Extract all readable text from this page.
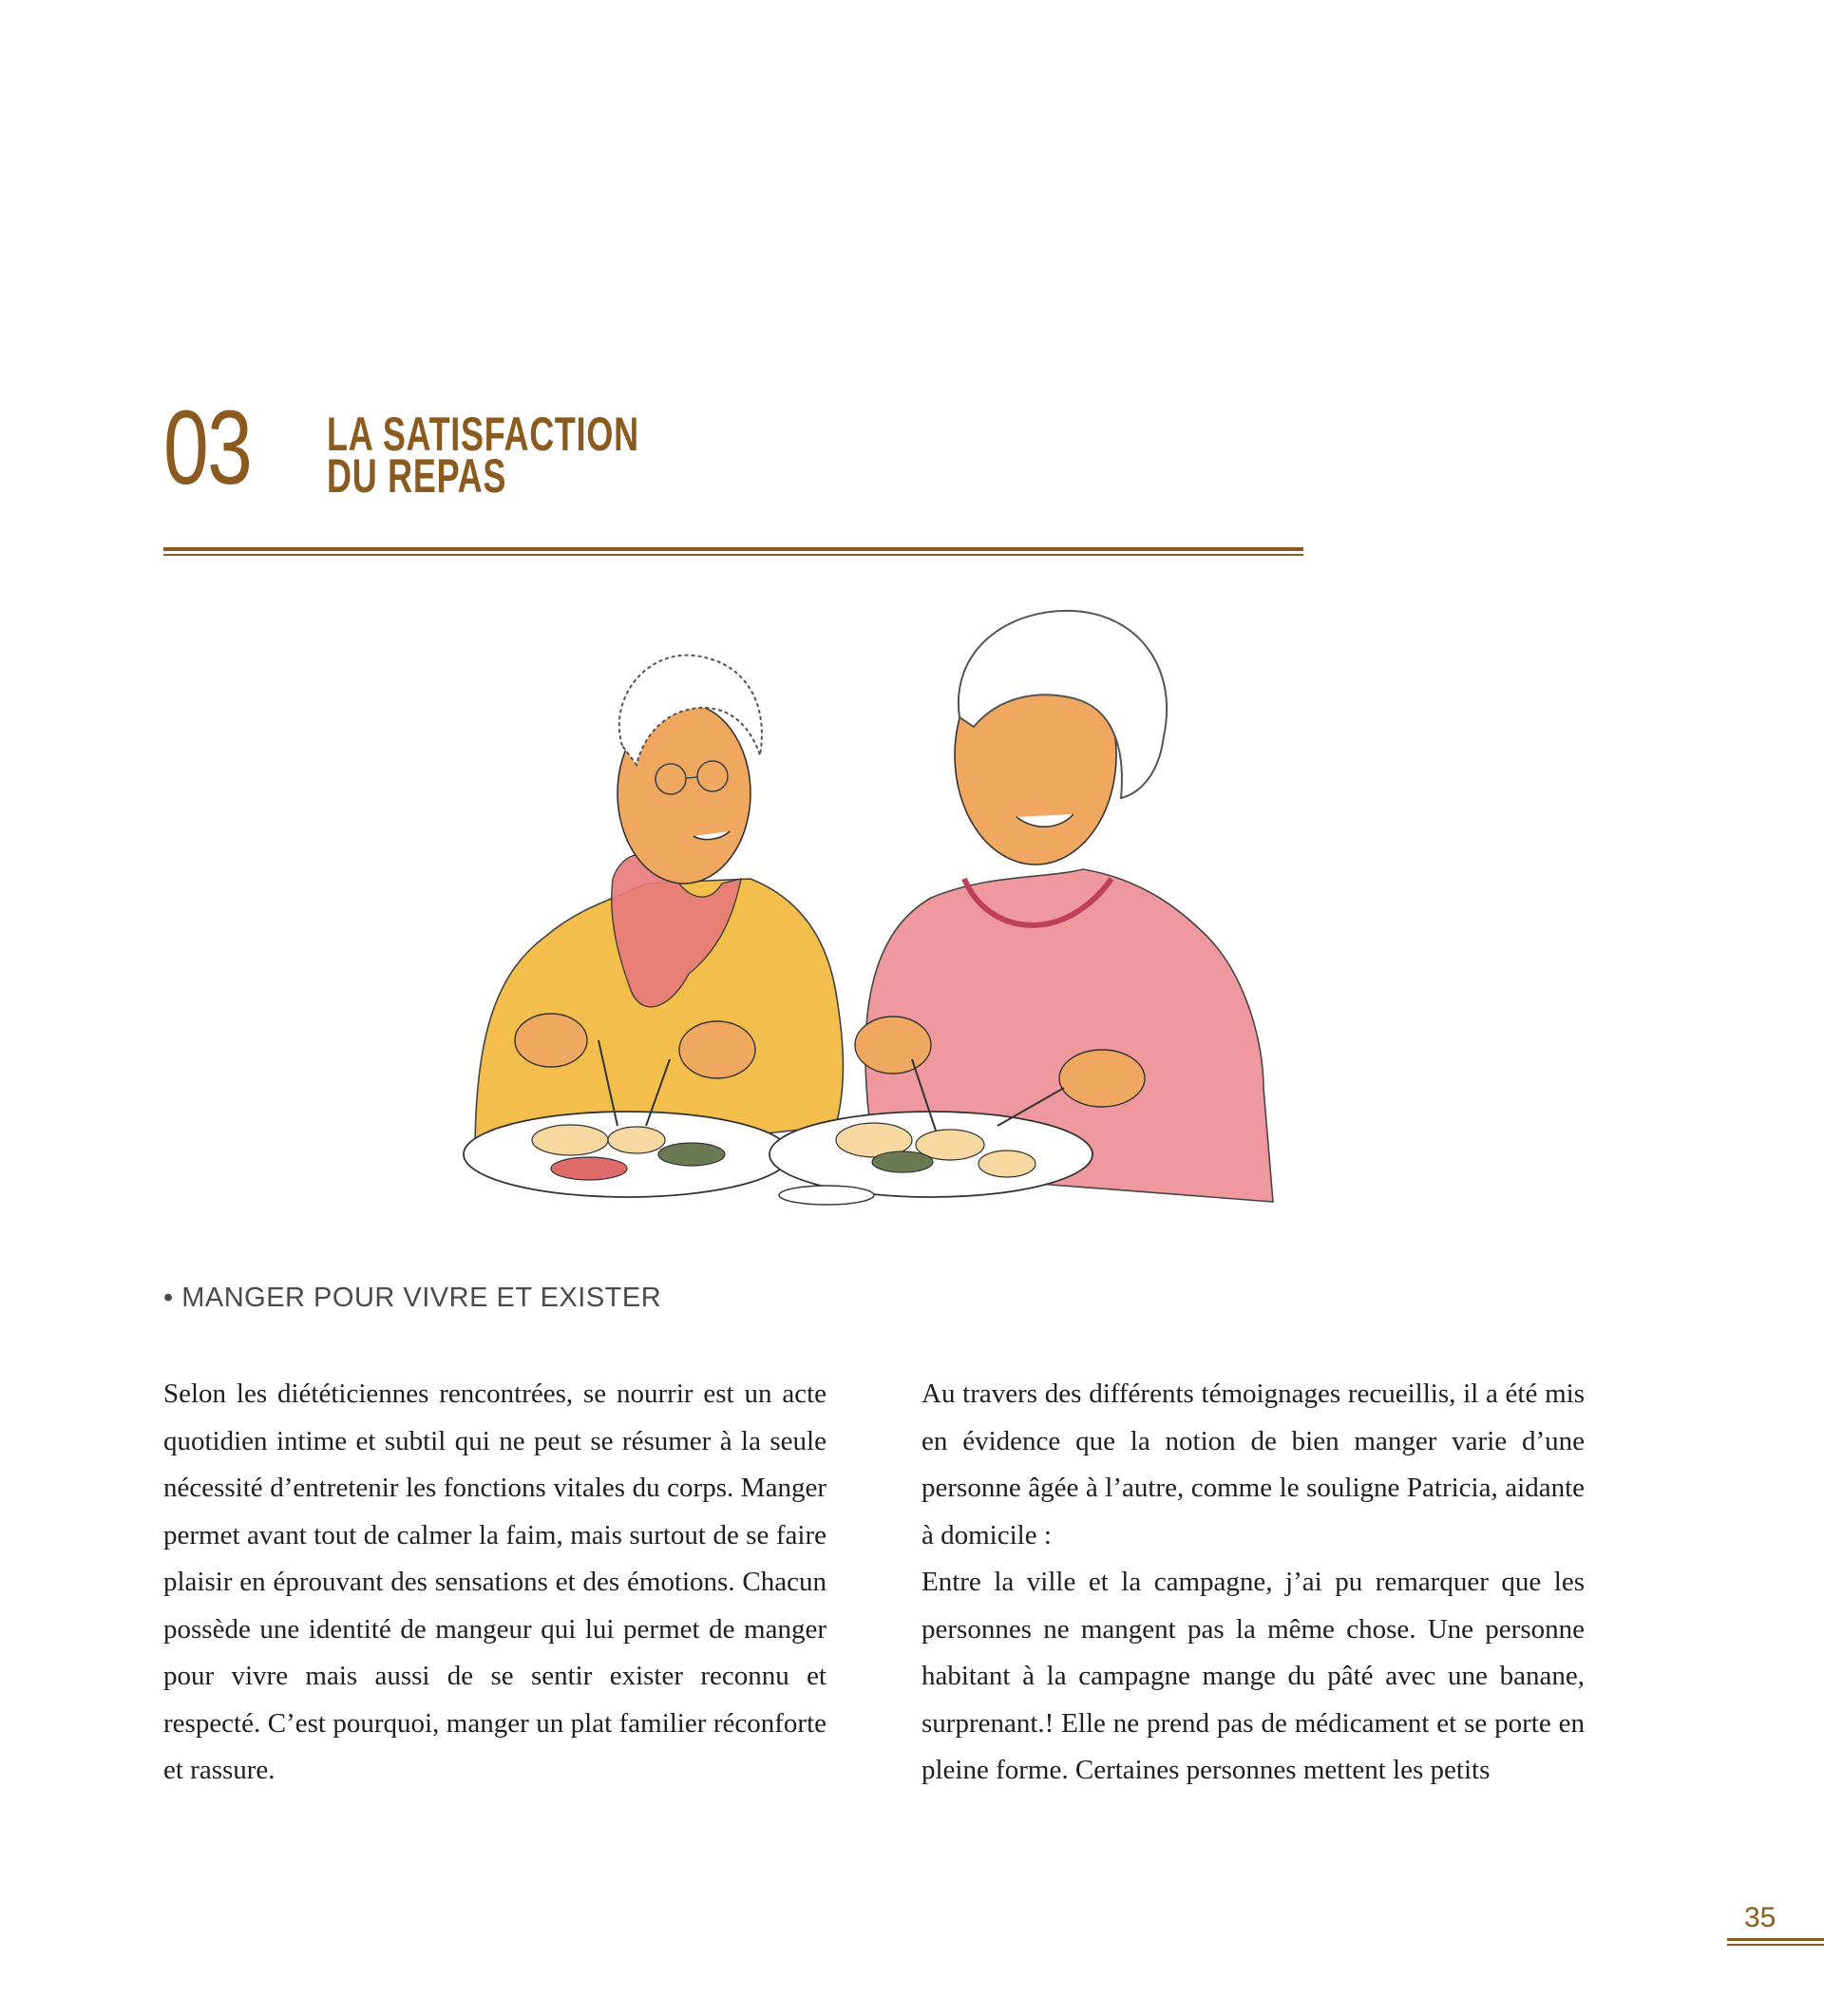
03 LA SATISFACTION
DU REPAS
• MANGER POUR VIVRE ET EXISTER

Selon les diététiciennes rencontrées, se nourrir est un acte quotidien intime et subtil qui ne peut se résumer à la seule nécessité d’entretenir les fonctions vitales du corps. Manger permet avant tout de calmer la faim, mais surtout de se faire plaisir en éprouvant des sensations et des émotions. Chacun possède une identité de mangeur qui lui permet de manger pour vivre mais aussi de se sentir exister reconnu et respecté. C’est pourquoi, manger un plat familier réconforte et rassure.

Au travers des différents témoignages recueillis, il a été mis en évidence que la notion de bien manger varie d’une personne âgée à l’autre, comme le souligne Patricia, aidante à domicile :

Entre la ville et la campagne, j’ai pu remarquer que les personnes ne mangent pas la même chose. Une personne habitant à la campagne mange du pâté avec une banane, surprenant.! Elle ne prend pas de médicament et se porte en pleine forme. Certaines personnes mettent les petits

35
